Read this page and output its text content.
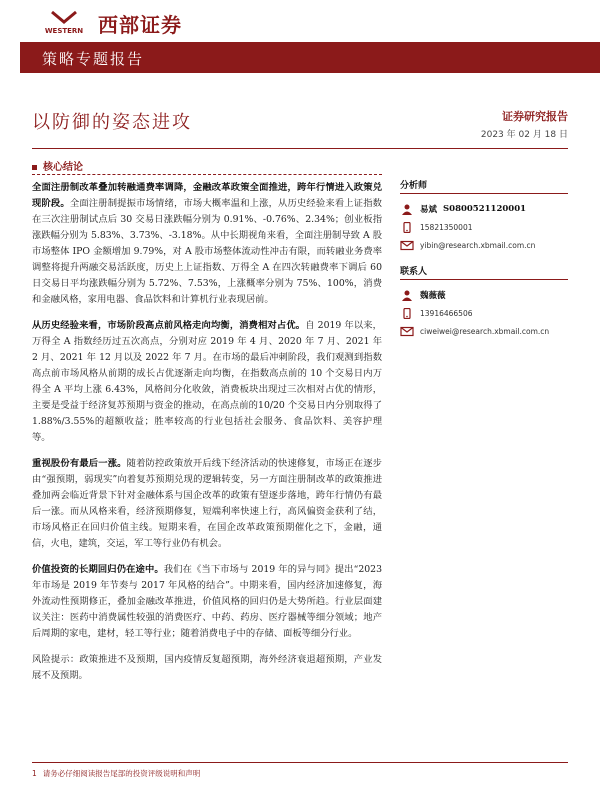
WESTERN 西部证券
策略专题报告
以防御的姿态进攻	证券研究报告
2023 年 02 月 18 日
核心结论

全面注册制改革叠加转融通费率调降，金融改革政策全面推进，跨年行情进入政策兑现阶段。全面注册制提振市场情绪，市场大概率温和上涨，从历史经验来看上证指数在三次注册制试点后 30 交易日涨跌幅分别为 0.91%、-0.76%、2.34%；创业板指涨跌幅分别为 5.83%、3.73%、-3.18%。从中长期视角来看，全面注册制导致 A 股市场整体 IPO 金额增加 9.79%，对 A 股市场整体流动性冲击有限，而转融业务费率调整将提升两融交易活跃度，历史上上证指数、万得全 A 在四次转融费率下调后 60 日交易日平均涨跌幅分别为 5.72%、7.53%，上涨概率分别为 75%、100%，消费和金融风格，家用电器、食品饮料和计算机行业表现居前。

从历史经验来看，市场阶段高点前风格走向均衡，消费相对占优。自 2019 年以来，万得全 A 指数经历过五次高点，分别对应 2019 年 4 月、2020 年 7 月、2021 年 2 月、2021 年 12 月以及 2022 年 7 月。在市场的最后冲刺阶段，我们观测到指数高点前市场风格从前期的成长占优逐渐走向均衡，在指数高点前的 10 个交易日内万得全 A 平均上涨 6.43%，风格间分化收敛，消费板块出现过三次相对占优的情形，主要是受益于经济复苏预期与资金的推动，在高点前的10/20 个交易日内分别取得了 1.88%/3.55%的超额收益；胜率较高的行业包括社会服务、食品饮料、美容护理等。

重视股份有最后一涨。随着防控政策放开后线下经济活动的快速修复，市场正在逐步由“强预期，弱现实”向着复苏预期兑现的逻辑转变，另一方面注册制改革的政策推进叠加两会临近背景下针对金融体系与国企改革的政策有望逐步落地，跨年行情仍有最后一涨。而从风格来看，经济预期修复，短端利率快速上行，高风偏资金获利了结，市场风格正在回归价值主线。短期来看，在国企改革政策预期催化之下，金融，通信，火电，建筑，交运，军工等行业仍有机会。

价值投资的长期回归仍在途中。我们在《当下市场与 2019 年的异与同》提出“2023 年市场是 2019 年节奏与 2017 年风格的结合”。中期来看，国内经济加速修复，海外流动性预期修正，叠加金融改革推进，价值风格的回归仍是大势所趋。行业层面建议关注：医药中消费属性较强的消费医疗、中药、药房、医疗器械等细分领域；地产后周期的家电，建材，轻工等行业；随着消费电子中的存储、面板等细分行业。

风险提示：政策推进不及预期，国内疫情反复超预期，海外经济衰退超预期，产业发展不及预期。

分析师
易斌 S0800521120001
15821350001
yibin@research.xbmail.com.cn
联系人
魏薇薇
13916466506
ciweiwei@research.xbmail.com.cn
1 请务必仔细阅读报告尾部的投资评级说明和声明
